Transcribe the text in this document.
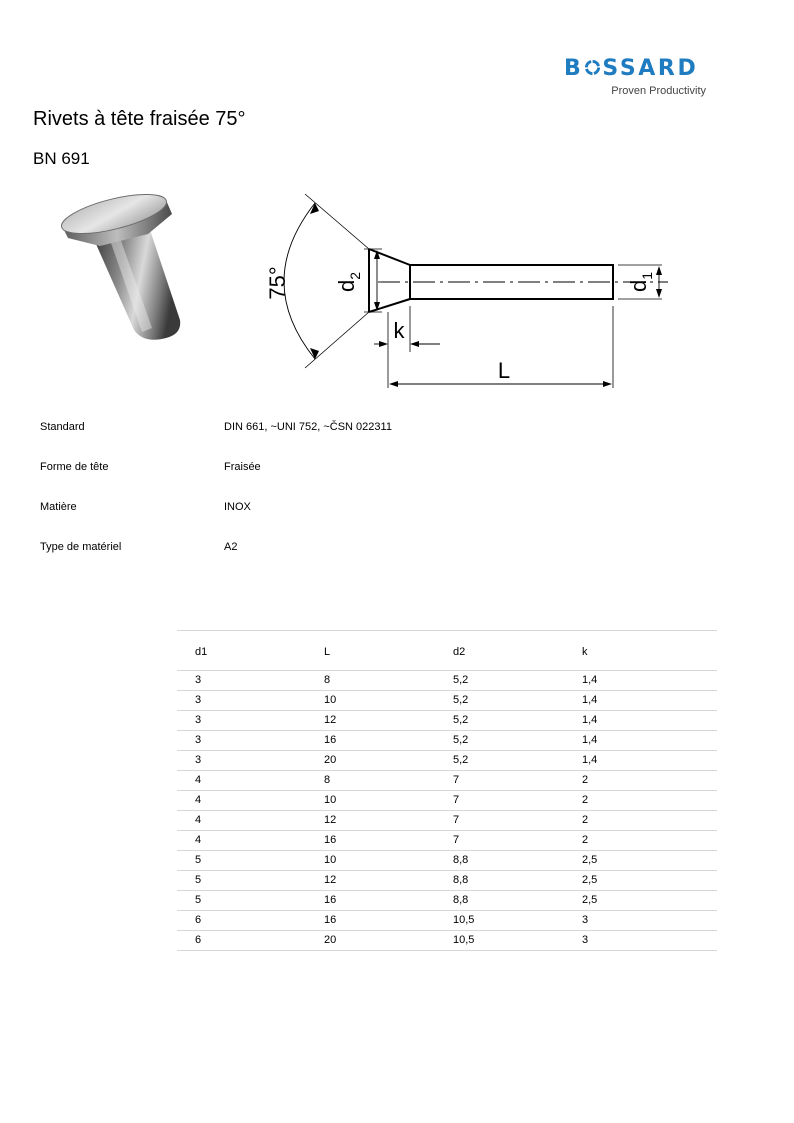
B SSARD
Proven Productivity
Rivets à tête fraisée 75°
BN 691
75° $d_2$
$d_1$
k
L
Standard	DIN 661, ~UNI 752, ~ČSN 022311
Forme de tête	Fraisée
Matière	INOX
Type de matériel	A2
d1	L	d2	k
3	8	5,2	1,4
3	10	5,2	1,4
3	12	5,2	1,4
3	16	5,2	1,4
3	20	5,2	1,4
4	8	7	2
4	10	7	2
4	12	7	2
4	16	7	2
5	10	8,8	2,5
5	12	8,8	2,5
5	16	8,8	2,5
6	16	10,5	3
6	20	10,5	3
